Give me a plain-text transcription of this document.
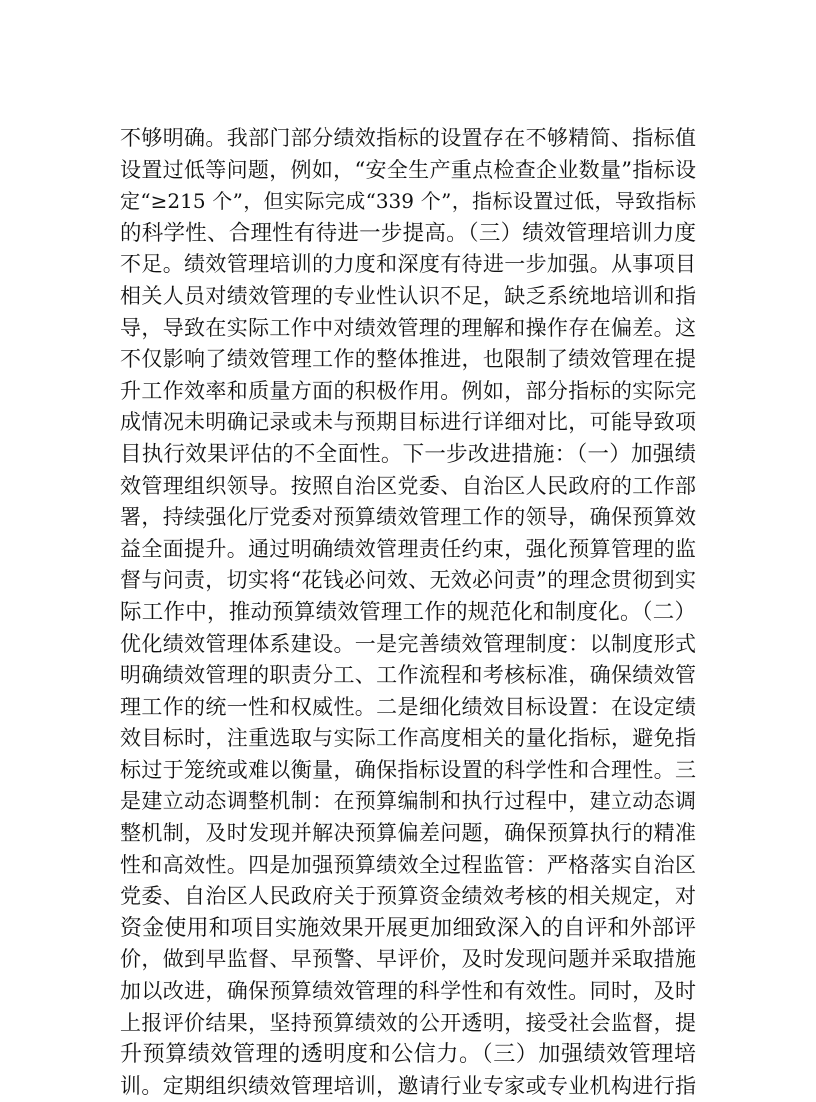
不够明确。我部门部分绩效指标的设置存在不够精简、指标值
设置过低等问题，例如，“安全生产重点检查企业数量”指标设
定“≥215 个”，但实际完成“339 个”，指标设置过低，导致指标
的科学性、合理性有待进一步提高。（三）绩效管理培训力度
不足。绩效管理培训的力度和深度有待进一步加强。从事项目
相关人员对绩效管理的专业性认识不足，缺乏系统地培训和指
导，导致在实际工作中对绩效管理的理解和操作存在偏差。这
不仅影响了绩效管理工作的整体推进，也限制了绩效管理在提
升工作效率和质量方面的积极作用。例如，部分指标的实际完
成情况未明确记录或未与预期目标进行详细对比，可能导致项
目执行效果评估的不全面性。下一步改进措施：（一）加强绩
效管理组织领导。按照自治区党委、自治区人民政府的工作部
署，持续强化厅党委对预算绩效管理工作的领导，确保预算效
益全面提升。通过明确绩效管理责任约束，强化预算管理的监
督与问责，切实将“花钱必问效、无效必问责”的理念贯彻到实
际工作中，推动预算绩效管理工作的规范化和制度化。（二）
优化绩效管理体系建设。一是完善绩效管理制度：以制度形式
明确绩效管理的职责分工、工作流程和考核标准，确保绩效管
理工作的统一性和权威性。二是细化绩效目标设置：在设定绩
效目标时，注重选取与实际工作高度相关的量化指标，避免指
标过于笼统或难以衡量，确保指标设置的科学性和合理性。三
是建立动态调整机制：在预算编制和执行过程中，建立动态调
整机制，及时发现并解决预算偏差问题，确保预算执行的精准
性和高效性。四是加强预算绩效全过程监管：严格落实自治区
党委、自治区人民政府关于预算资金绩效考核的相关规定，对
资金使用和项目实施效果开展更加细致深入的自评和外部评
价，做到早监督、早预警、早评价，及时发现问题并采取措施
加以改进，确保预算绩效管理的科学性和有效性。同时，及时
上报评价结果，坚持预算绩效的公开透明，接受社会监督，提
升预算绩效管理的透明度和公信力。（三）加强绩效管理培
训。定期组织绩效管理培训，邀请行业专家或专业机构进行指
